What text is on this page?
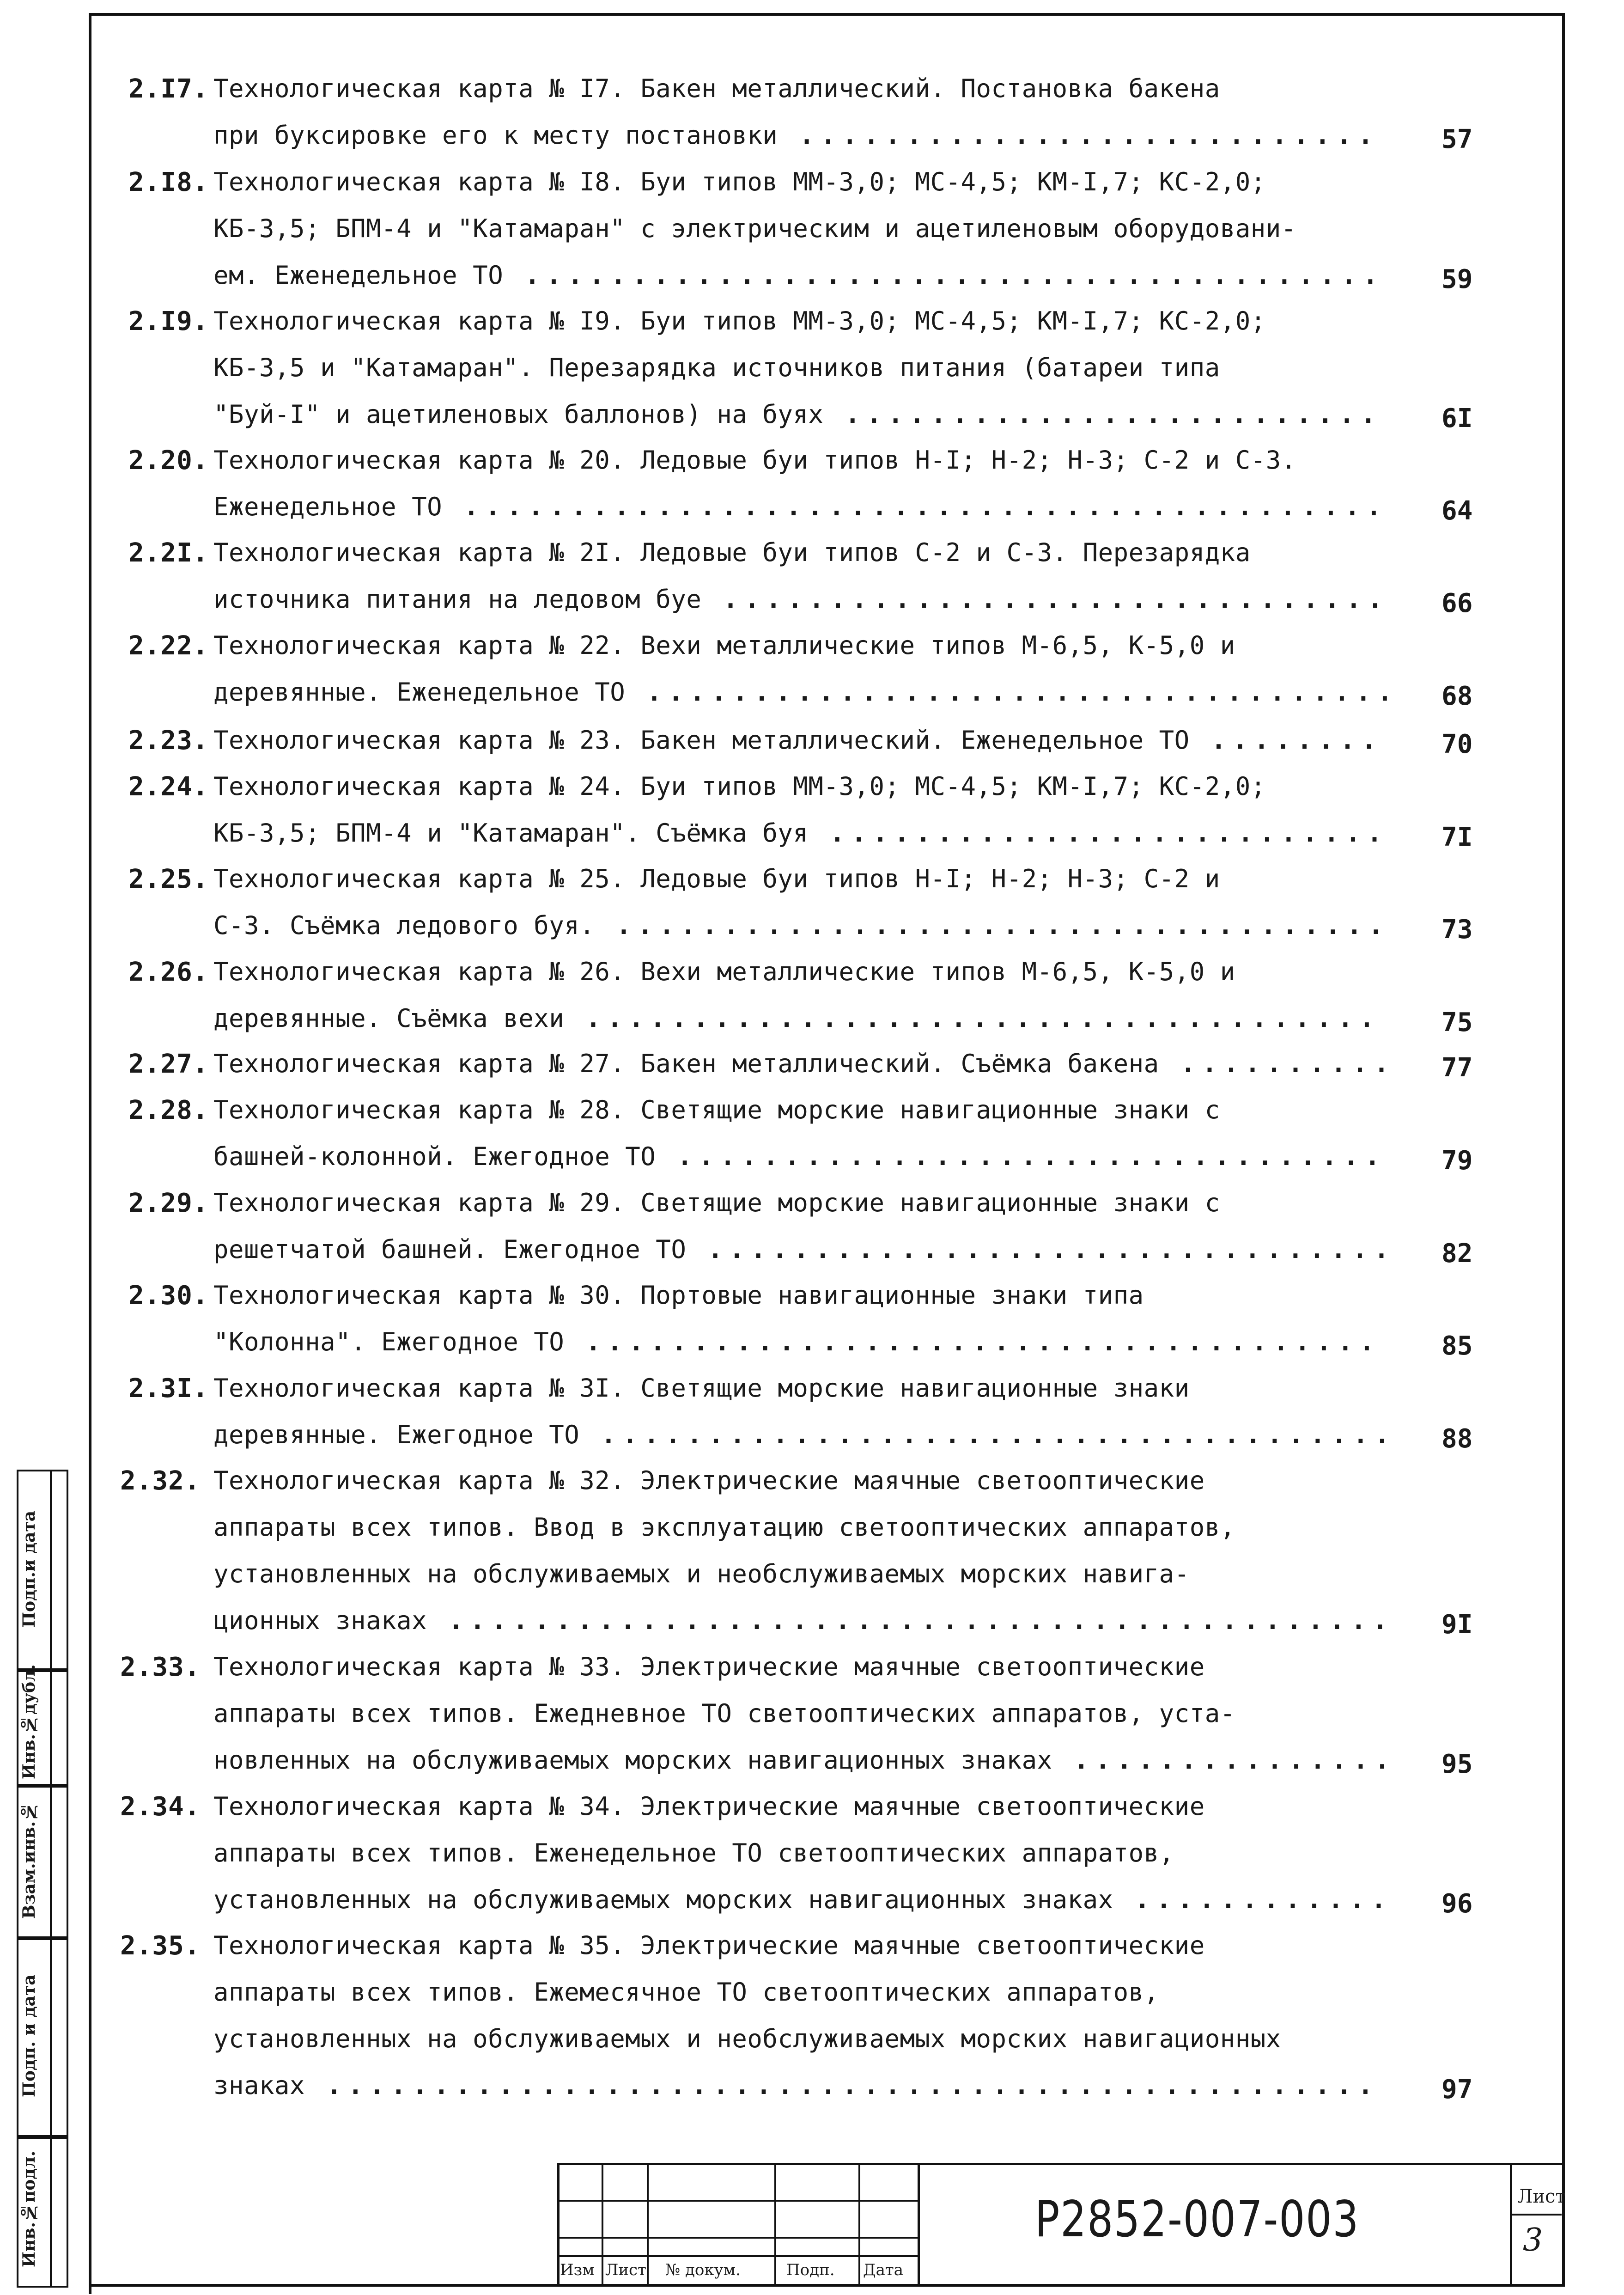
2.I7. Технологическая карта № I7. Бакен металлический. Постановка бакена
при буксировке его к месту постановки ........................... 57
2.I8. Технологическая карта № I8. Буи типов ММ-3,0; МС-4,5; КМ-I,7; КС-2,0;
КБ-3,5; БПМ-4 и "Катамаран" с электрическим и ацетиленовым оборудовани-
ем. Еженедельное ТО ........................................ 59
2.I9. Технологическая карта № I9. Буи типов ММ-3,0; МС-4,5; КМ-I,7; КС-2,0;
КБ-3,5 и "Катамаран". Перезарядка источников питания (батареи типа
"Буй-I" и ацетиленовых баллонов) на буях ......................... 6I
2.20. Технологическая карта № 20. Ледовые буи типов Н-I; Н-2; Н-3; С-2 и С-3.
Еженедельное ТО ........................................... 64
2.2I. Технологическая карта № 2I. Ледовые буи типов С-2 и С-3. Перезарядка
источника питания на ледовом буе ............................... 66
2.22. Технологическая карта № 22. Вехи металлические типов М-6,5, К-5,0 и
деревянные. Еженедельное ТО ................................... 68
2.23. Технологическая карта № 23. Бакен металлический. Еженедельное ТО ........ 70
2.24. Технологическая карта № 24. Буи типов ММ-3,0; МС-4,5; КМ-I,7; КС-2,0;
КБ-3,5; БПМ-4 и "Катамаран". Съёмка буя .......................... 7I
2.25. Технологическая карта № 25. Ледовые буи типов Н-I; Н-2; Н-3; С-2 и
С-3. Съёмка ледового буя. .................................... 73
2.26. Технологическая карта № 26. Вехи металлические типов М-6,5, К-5,0 и
деревянные. Съёмка вехи ..................................... 75
2.27. Технологическая карта № 27. Бакен металлический. Съёмка бакена .......... 77
2.28. Технологическая карта № 28. Светящие морские навигационные знаки с
башней-колонной. Ежегодное ТО ................................. 79
2.29. Технологическая карта № 29. Светящие морские навигационные знаки с
решетчатой башней. Ежегодное ТО ................................ 82
2.30. Технологическая карта № 30. Портовые навигационные знаки типа
"Колонна". Ежегодное ТО ..................................... 85
2.3I. Технологическая карта № 3I. Светящие морские навигационные знаки
деревянные. Ежегодное ТО ..................................... 88
2.32. Технологическая карта № 32. Электрические маячные светооптические
аппараты всех типов. Ввод в эксплуатацию светооптических аппаратов,
установленных на обслуживаемых и необслуживаемых морских навига-
ционных знаках ............................................ 9I
2.33. Технологическая карта № 33. Электрические маячные светооптические
аппараты всех типов. Ежедневное ТО светооптических аппаратов, уста-
новленных на обслуживаемых морских навигационных знаках ............... 95
2.34. Технологическая карта № 34. Электрические маячные светооптические
аппараты всех типов. Еженедельное ТО светооптических аппаратов,
установленных на обслуживаемых морских навигационных знаках ............ 96
2.35. Технологическая карта № 35. Электрические маячные светооптические
аппараты всех типов. Ежемесячное ТО светооптических аппаратов,
установленных на обслуживаемых и необслуживаемых морских навигационных
знаках ................................................. 97
Подп.и дата
Инв.№дубл.
Взам.инв.№
Подп. и дата
Инв.№подл.
Изм Лист № докум.	Подп. Дата
Р2852-007-003	Лист
3
